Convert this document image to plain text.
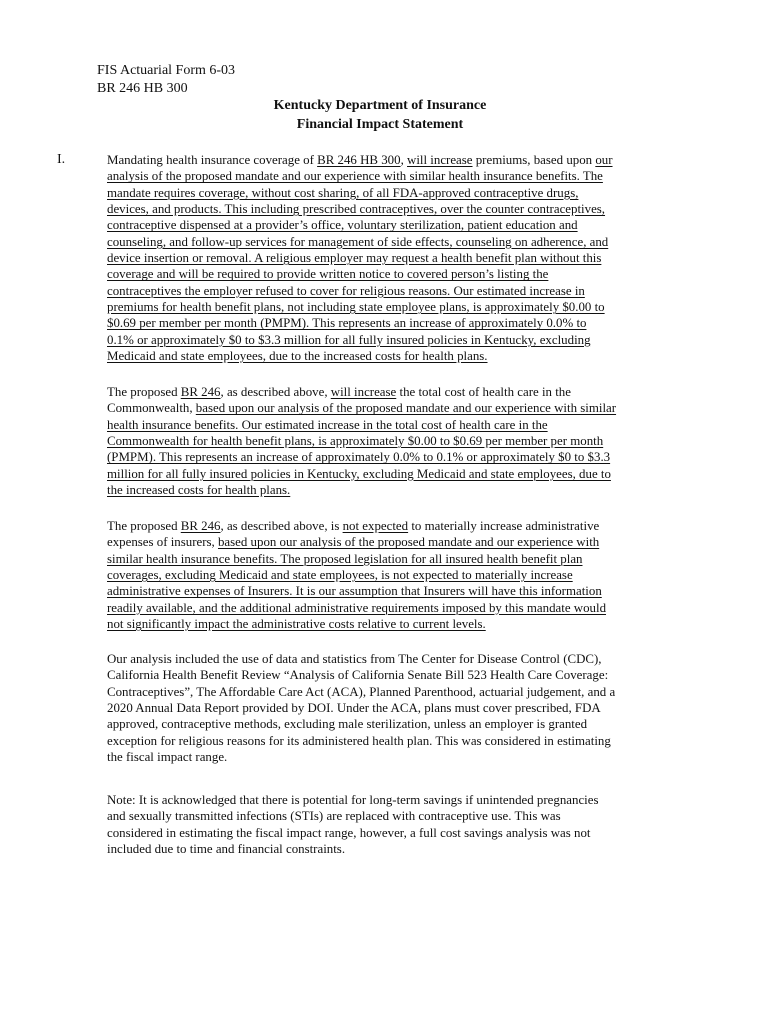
FIS Actuarial Form 6-03
BR 246 HB 300
Kentucky Department of Insurance
Financial Impact Statement
I.	Mandating health insurance coverage of BR 246 HB 300, will increase premiums, based upon our
analysis of the proposed mandate and our experience with similar health insurance benefits. The
mandate requires coverage, without cost sharing, of all FDA-approved contraceptive drugs,
devices, and products. This including prescribed contraceptives, over the counter contraceptives,
contraceptive dispensed at a provider’s office, voluntary sterilization, patient education and
counseling, and follow-up services for management of side effects, counseling on adherence, and
device insertion or removal. A religious employer may request a health benefit plan without this
coverage and will be required to provide written notice to covered person’s listing the
contraceptives the employer refused to cover for religious reasons. Our estimated increase in
premiums for health benefit plans, not including state employee plans, is approximately $0.00 to
$0.69 per member per month (PMPM). This represents an increase of approximately 0.0% to
0.1% or approximately $0 to $3.3 million for all fully insured policies in Kentucky, excluding
Medicaid and state employees, due to the increased costs for health plans.
The proposed BR 246, as described above, will increase the total cost of health care in the
Commonwealth, based upon our analysis of the proposed mandate and our experience with similar
health insurance benefits. Our estimated increase in the total cost of health care in the
Commonwealth for health benefit plans, is approximately $0.00 to $0.69 per member per month
(PMPM). This represents an increase of approximately 0.0% to 0.1% or approximately $0 to $3.3
million for all fully insured policies in Kentucky, excluding Medicaid and state employees, due to
the increased costs for health plans.
The proposed BR 246, as described above, is not expected to materially increase administrative
expenses of insurers, based upon our analysis of the proposed mandate and our experience with
similar health insurance benefits. The proposed legislation for all insured health benefit plan
coverages, excluding Medicaid and state employees, is not expected to materially increase
administrative expenses of Insurers. It is our assumption that Insurers will have this information
readily available, and the additional administrative requirements imposed by this mandate would
not significantly impact the administrative costs relative to current levels.
Our analysis included the use of data and statistics from The Center for Disease Control (CDC),
California Health Benefit Review “Analysis of California Senate Bill 523 Health Care Coverage:
Contraceptives”, The Affordable Care Act (ACA), Planned Parenthood, actuarial judgement, and a
2020 Annual Data Report provided by DOI. Under the ACA, plans must cover prescribed, FDA
approved, contraceptive methods, excluding male sterilization, unless an employer is granted
exception for religious reasons for its administered health plan. This was considered in estimating
the fiscal impact range.
Note: It is acknowledged that there is potential for long-term savings if unintended pregnancies
and sexually transmitted infections (STIs) are replaced with contraceptive use. This was
considered in estimating the fiscal impact range, however, a full cost savings analysis was not
included due to time and financial constraints.
